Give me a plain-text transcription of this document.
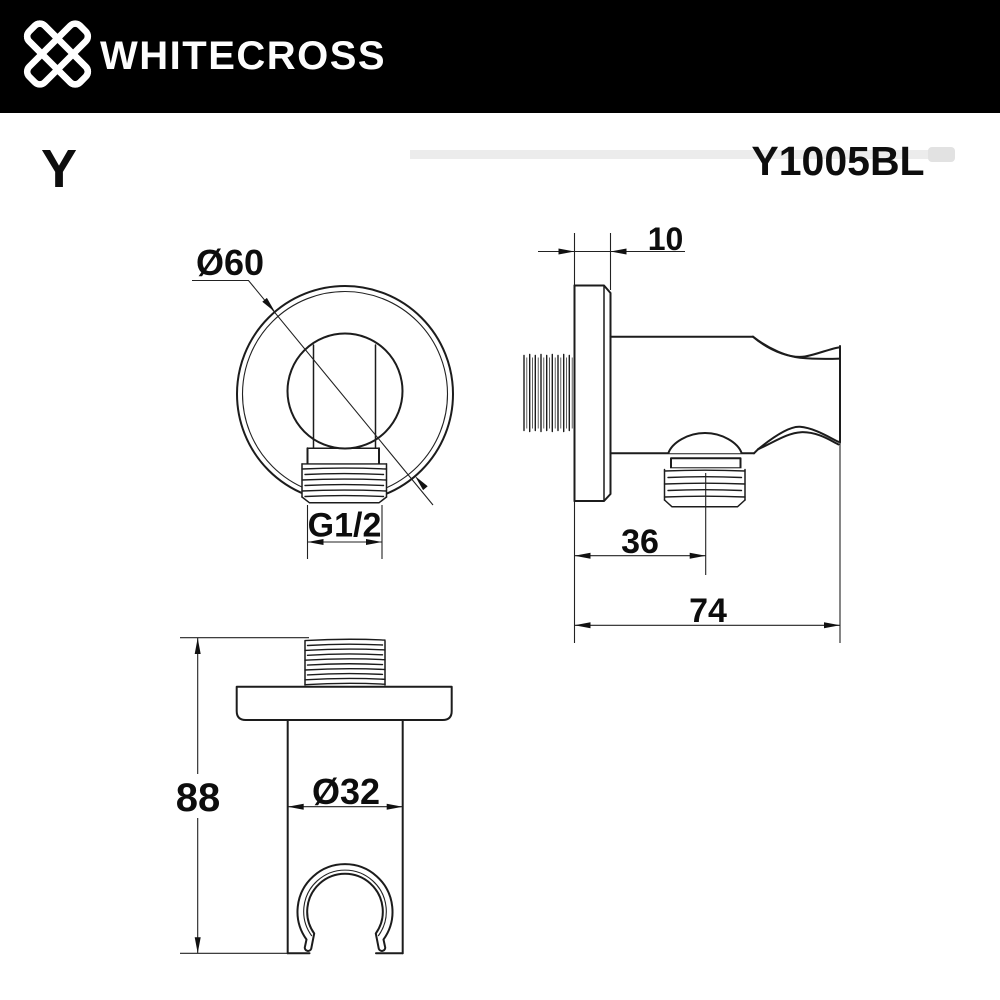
WHITECROSS
Y	Y1005BL
Ø60
G1/2
10
36
74
Ø32
88
